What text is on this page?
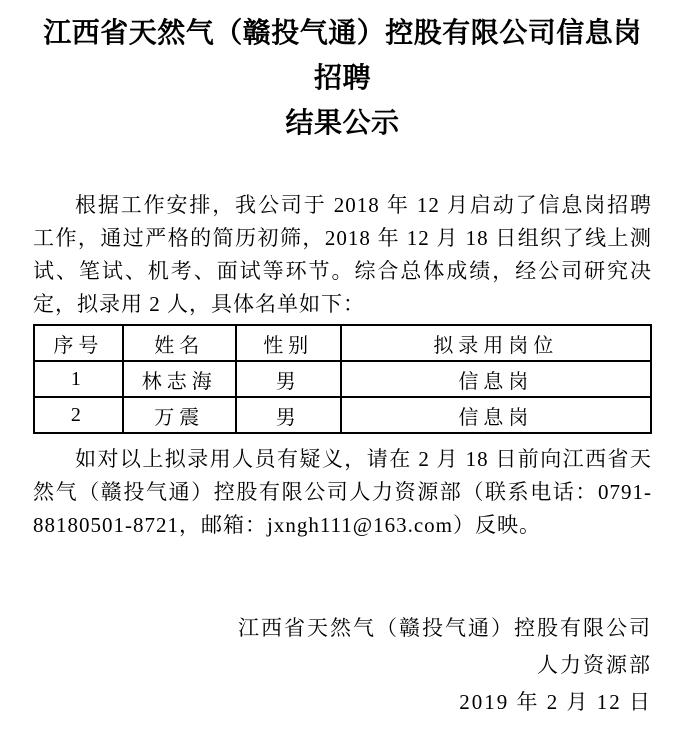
江西省天然气（赣投气通）控股有限公司信息岗招聘
结果公示

根据工作安排，我公司于 2018 年 12 月启动了信息岗招聘工作，通过严格的简历初筛，2018 年 12 月 18 日组织了线上测试、笔试、机考、面试等环节。综合总体成绩，经公司研究决定，拟录用 2 人，具体名单如下：

序号	姓名	性别	拟录用岗位
1	林志海	男	信息岗
2	万震	男	信息岗

如对以上拟录用人员有疑义，请在 2 月 18 日前向江西省天然气（赣投气通）控股有限公司人力资源部（联系电话：0791-88180501-8721，邮箱：jxngh111@163.com）反映。

江西省天然气（赣投气通）控股有限公司
人力资源部
2019 年 2 月 12 日
